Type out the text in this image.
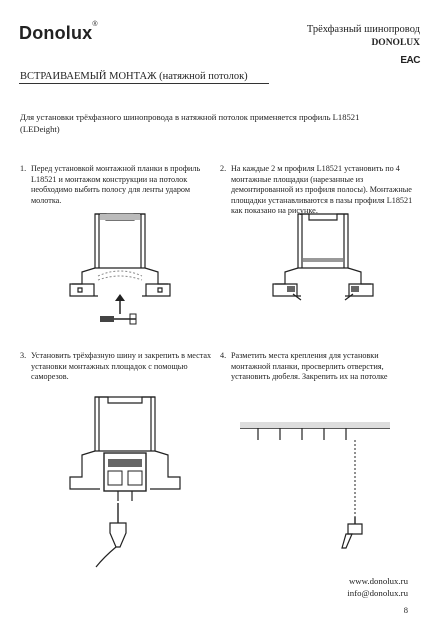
Donolux®	Трёхфазный шинопровод
DONOLUX
EAC
ВСТРАИВАЕМЫЙ МОНТАЖ (натяжной потолок)
Для установки трёхфазного шинопровода в натяжной потолок применяется профиль L18521
(LEDeight)
1. Перед установкой монтажной планки в профиль
L18521 и монтажом конструкции на потолок
необходимо выбить полосу для ленты ударом
молотка.
2. На каждые 2 м профиля L18521 установить по 4
монтажные площадки (нарезанные из
демонтированной из профиля полосы). Монтажные
площадки устанавливаются в пазы профиля L18521
как показано на рисунке.
3. Установить трёхфазную шину и закрепить в местах
установки монтажных площадок с помощью
саморезов.
4. Разметить места крепления для установки
монтажной планки, просверлить отверстия,
установить дюбеля. Закрепить их на потолке
www.donolux.ru
info@donolux.ru
8
